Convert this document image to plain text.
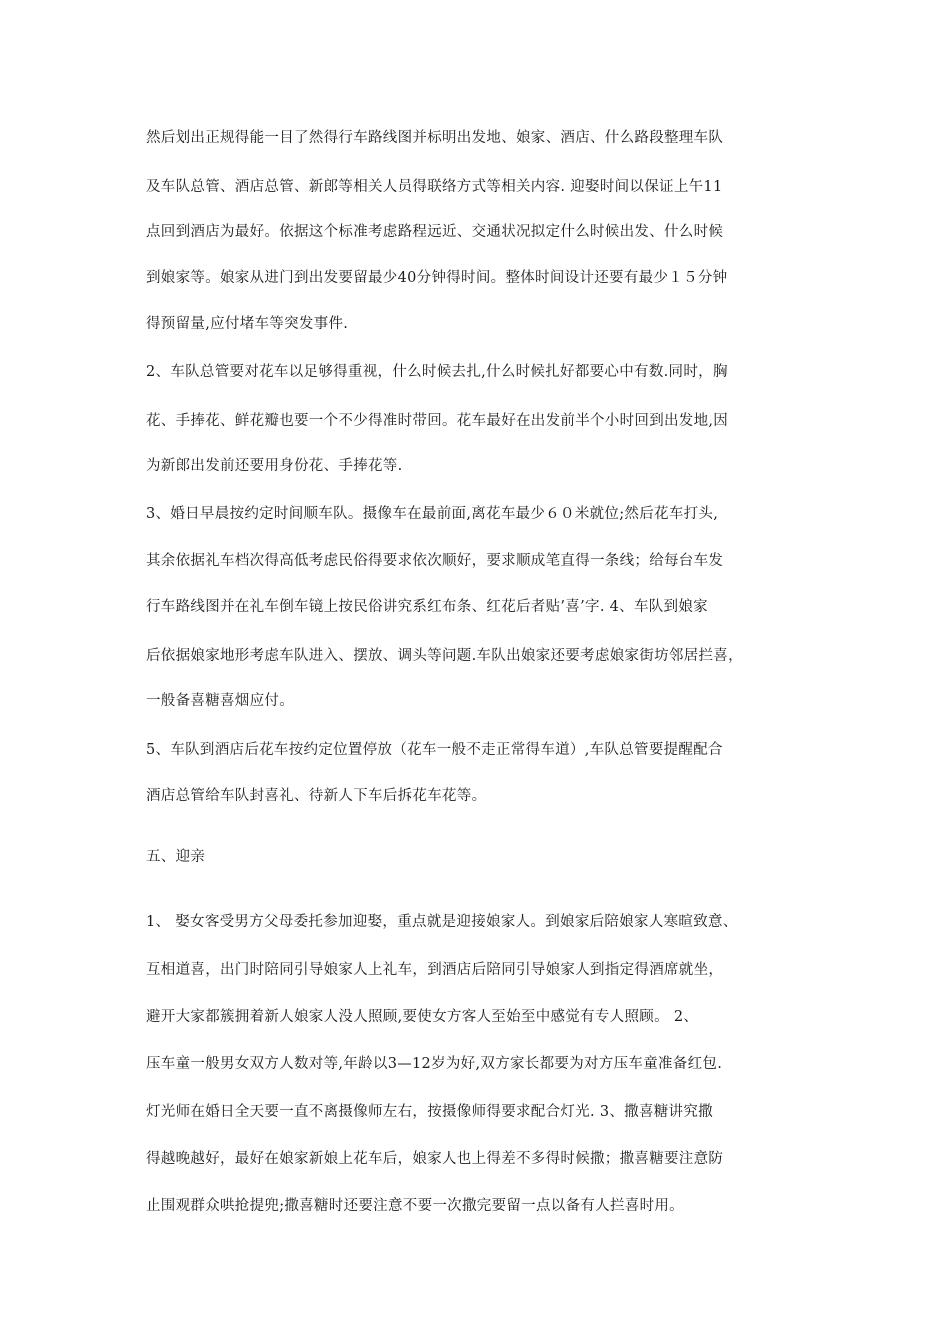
然后划出正规得能一目了然得行车路线图并标明出发地、娘家、酒店、什么路段整理车队
及车队总管、酒店总管、新郎等相关人员得联络方式等相关内容. 迎娶时间以保证上午11
点回到酒店为最好。依据这个标准考虑路程远近、交通状况拟定什么时候出发、什么时候
到娘家等。娘家从进门到出发要留最少40分钟得时间。整体时间设计还要有最少１５分钟
得预留量,应付堵车等突发事件.
2、车队总管要对花车以足够得重视，什么时候去扎,什么时候扎好都要心中有数.同时，胸
花、手捧花、鲜花瓣也要一个不少得准时带回。花车最好在出发前半个小时回到出发地,因
为新郎出发前还要用身份花、手捧花等.
3、婚日早晨按约定时间顺车队。摄像车在最前面,离花车最少６０米就位;然后花车打头,
其余依据礼车档次得高低考虑民俗得要求依次顺好，要求顺成笔直得一条线；给每台车发
行车路线图并在礼车倒车镜上按民俗讲究系红布条、红花后者贴’喜’字. 4、车队到娘家
后依据娘家地形考虑车队进入、摆放、调头等问题.车队出娘家还要考虑娘家街坊邻居拦喜，
一般备喜糖喜烟应付。
5、车队到酒店后花车按约定位置停放（花车一般不走正常得车道）,车队总管要提醒配合
酒店总管给车队封喜礼、待新人下车后拆花车花等。
五、迎亲
1、 娶女客受男方父母委托参加迎娶，重点就是迎接娘家人。到娘家后陪娘家人寒暄致意、
互相道喜，出门时陪同引导娘家人上礼车，到酒店后陪同引导娘家人到指定得酒席就坐，
避开大家都簇拥着新人娘家人没人照顾,要使女方客人至始至中感觉有专人照顾。 2、
压车童一般男女双方人数对等,年龄以3—12岁为好,双方家长都要为对方压车童准备红包.
灯光师在婚日全天要一直不离摄像师左右，按摄像师得要求配合灯光. 3、撒喜糖讲究撒
得越晚越好，最好在娘家新娘上花车后，娘家人也上得差不多得时候撒；撒喜糖要注意防
止围观群众哄抢提兜;撒喜糖时还要注意不要一次撒完要留一点以备有人拦喜时用。
